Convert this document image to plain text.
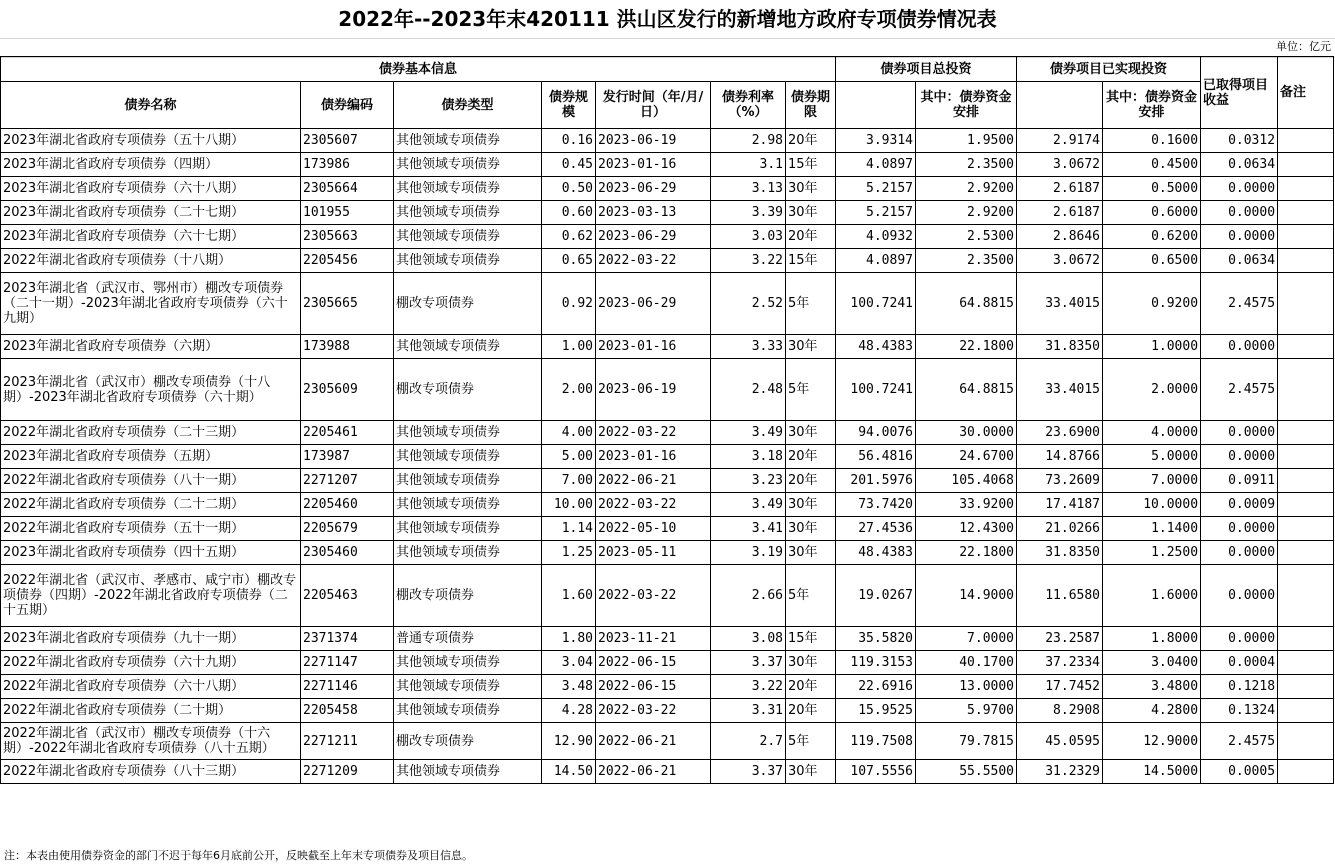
2022年--2023年末420111 洪山区发行的新增地方政府专项债券情况表
单位：亿元
债券基本信息							债券项目总投资		债券项目已实现投资		已取得项目收益	备注
债券名称	债券编码	债券类型	债券规模	发行时间（年/月/日）	债券利率（%）	债券期限		其中：债券资金安排		其中：债券资金安排		
2023年湖北省政府专项债券（五十八期）	2305607	其他领域专项债券	0.16	2023-06-19	2.98	20年	3.9314	1.9500	2.9174	0.1600	0.0312	
2023年湖北省政府专项债券（四期）	173986	其他领域专项债券	0.45	2023-01-16	3.1	15年	4.0897	2.3500	3.0672	0.4500	0.0634	
2023年湖北省政府专项债券（六十八期）	2305664	其他领域专项债券	0.50	2023-06-29	3.13	30年	5.2157	2.9200	2.6187	0.5000	0.0000	
2023年湖北省政府专项债券（二十七期）	101955	其他领域专项债券	0.60	2023-03-13	3.39	30年	5.2157	2.9200	2.6187	0.6000	0.0000	
2023年湖北省政府专项债券（六十七期）	2305663	其他领域专项债券	0.62	2023-06-29	3.03	20年	4.0932	2.5300	2.8646	0.6200	0.0000	
2022年湖北省政府专项债券（十八期）	2205456	其他领域专项债券	0.65	2022-03-22	3.22	15年	4.0897	2.3500	3.0672	0.6500	0.0634	
2023年湖北省（武汉市、鄂州市）棚改专项债券（二十一期）-2023年湖北省政府专项债券（六十九期）	2305665	棚改专项债券	0.92	2023-06-29	2.52	5年	100.7241	64.8815	33.4015	0.9200	2.4575	
2023年湖北省政府专项债券（六期）	173988	其他领域专项债券	1.00	2023-01-16	3.33	30年	48.4383	22.1800	31.8350	1.0000	0.0000	
2023年湖北省（武汉市）棚改专项债券（十八期）-2023年湖北省政府专项债券（六十期）	2305609	棚改专项债券	2.00	2023-06-19	2.48	5年	100.7241	64.8815	33.4015	2.0000	2.4575	
2022年湖北省政府专项债券（二十三期）	2205461	其他领域专项债券	4.00	2022-03-22	3.49	30年	94.0076	30.0000	23.6900	4.0000	0.0000	
2023年湖北省政府专项债券（五期）	173987	其他领域专项债券	5.00	2023-01-16	3.18	20年	56.4816	24.6700	14.8766	5.0000	0.0000	
2022年湖北省政府专项债券（八十一期）	2271207	其他领域专项债券	7.00	2022-06-21	3.23	20年	201.5976	105.4068	73.2609	7.0000	0.0911	
2022年湖北省政府专项债券（二十二期）	2205460	其他领域专项债券	10.00	2022-03-22	3.49	30年	73.7420	33.9200	17.4187	10.0000	0.0009	
2022年湖北省政府专项债券（五十一期）	2205679	其他领域专项债券	1.14	2022-05-10	3.41	30年	27.4536	12.4300	21.0266	1.1400	0.0000	
2023年湖北省政府专项债券（四十五期）	2305460	其他领域专项债券	1.25	2023-05-11	3.19	30年	48.4383	22.1800	31.8350	1.2500	0.0000	
2022年湖北省（武汉市、孝感市、咸宁市）棚改专项债券（四期）-2022年湖北省政府专项债券（二十五期）	2205463	棚改专项债券	1.60	2022-03-22	2.66	5年	19.0267	14.9000	11.6580	1.6000	0.0000	
2023年湖北省政府专项债券（九十一期）	2371374	普通专项债券	1.80	2023-11-21	3.08	15年	35.5820	7.0000	23.2587	1.8000	0.0000	
2022年湖北省政府专项债券（六十九期）	2271147	其他领域专项债券	3.04	2022-06-15	3.37	30年	119.3153	40.1700	37.2334	3.0400	0.0004	
2022年湖北省政府专项债券（六十八期）	2271146	其他领域专项债券	3.48	2022-06-15	3.22	20年	22.6916	13.0000	17.7452	3.4800	0.1218	
2022年湖北省政府专项债券（二十期）	2205458	其他领域专项债券	4.28	2022-03-22	3.31	20年	15.9525	5.9700	8.2908	4.2800	0.1324	
2022年湖北省（武汉市）棚改专项债券（十六期）-2022年湖北省政府专项债券（八十五期）	2271211	棚改专项债券	12.90	2022-06-21	2.7	5年	119.7508	79.7815	45.0595	12.9000	2.4575	
2022年湖北省政府专项债券（八十三期）	2271209	其他领域专项债券	14.50	2022-06-21	3.37	30年	107.5556	55.5500	31.2329	14.5000	0.0005	
注：本表由使用债券资金的部门不迟于每年6月底前公开，反映截至上年末专项债券及项目信息。
